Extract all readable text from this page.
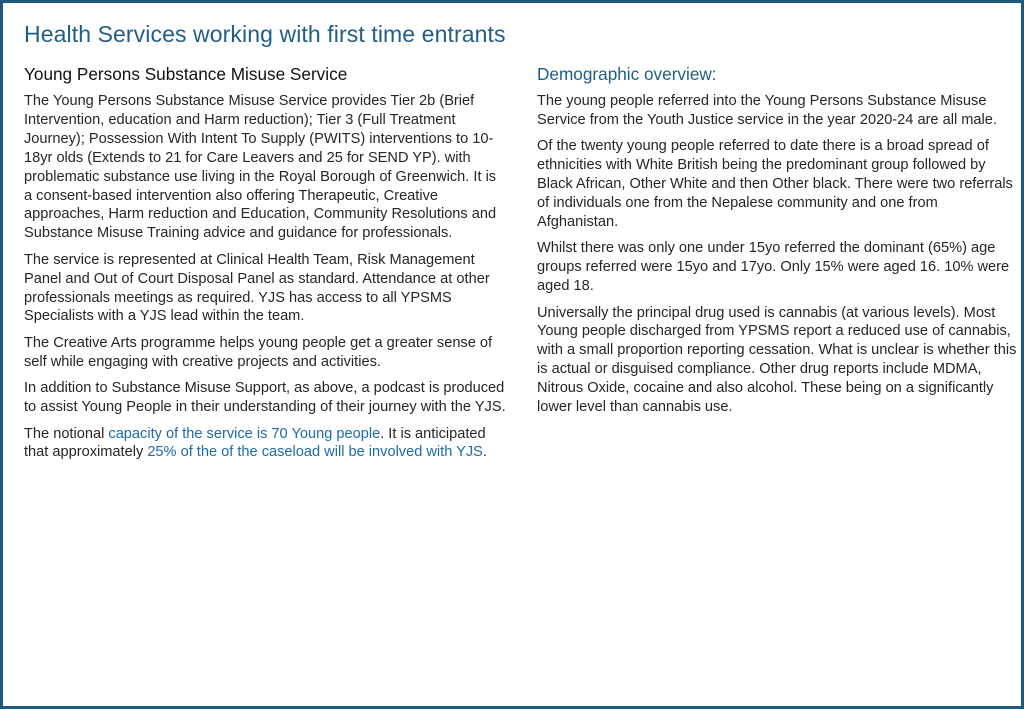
Health Services working with first time entrants
Young Persons Substance Misuse Service

The Young Persons Substance Misuse Service provides Tier 2b (Brief Intervention, education and Harm reduction); Tier 3 (Full Treatment Journey); Possession With Intent To Supply (PWITS) interventions to 10-18yr olds (Extends to 21 for Care Leavers and 25 for SEND YP). with problematic substance use living in the Royal Borough of Greenwich. It is a consent-based intervention also offering Therapeutic, Creative approaches, Harm reduction and Education, Community Resolutions and Substance Misuse Training advice and guidance for professionals.

The service is represented at Clinical Health Team, Risk Management Panel and Out of Court Disposal Panel as standard. Attendance at other professionals meetings as required. YJS has access to all YPSMS Specialists with a YJS lead within the team.

The Creative Arts programme helps young people get a greater sense of self while engaging with creative projects and activities.

In addition to Substance Misuse Support, as above, a podcast is produced to assist Young People in their understanding of their journey with the YJS.

The notional capacity of the service is 70 Young people. It is anticipated that approximately 25% of the of the caseload will be involved with YJS.

Demographic overview:

The young people referred into the Young Persons Substance Misuse Service from the Youth Justice service in the year 2020-24 are all male.

Of the twenty young people referred to date there is a broad spread of ethnicities with White British being the predominant group followed by Black African, Other White and then Other black. There were two referrals of individuals one from the Nepalese community and one from Afghanistan.

Whilst there was only one under 15yo referred the dominant (65%) age groups referred were 15yo and 17yo. Only 15% were aged 16. 10% were aged 18.

Universally the principal drug used is cannabis (at various levels). Most Young people discharged from YPSMS report a reduced use of cannabis, with a small proportion reporting cessation. What is unclear is whether this is actual or disguised compliance. Other drug reports include MDMA, Nitrous Oxide, cocaine and also alcohol. These being on a significantly lower level than cannabis use.
